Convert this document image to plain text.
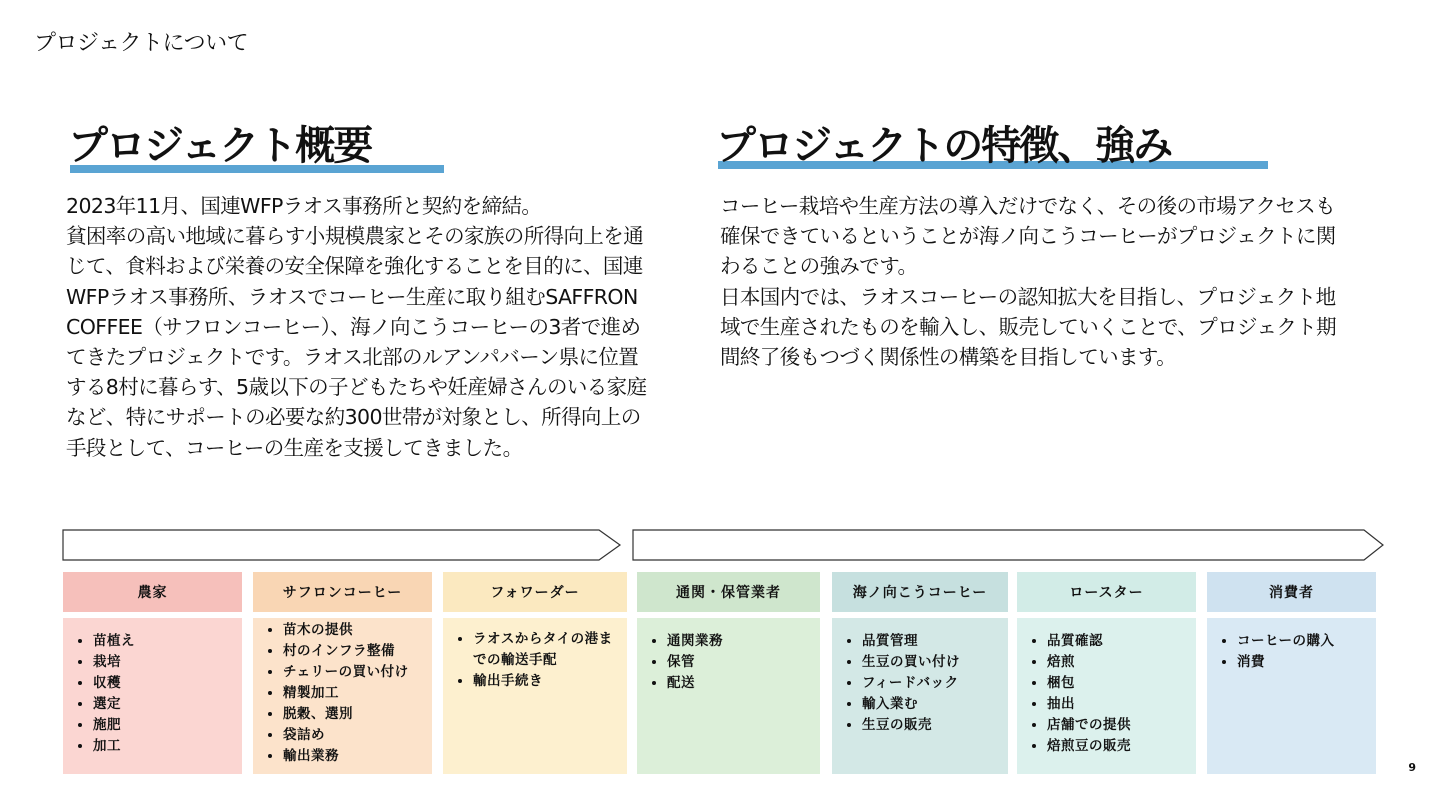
プロジェクトについて
プロジェクト概要

2023年11月、国連WFPラオス事務所と契約を締結。

貧困率の高い地域に暮らす小規模農家とその家族の所得向上を通じて、食料および栄養の安全保障を強化することを目的に、国連WFPラオス事務所、ラオスでコーヒー生産に取り組むSAFFRON COFFEE（サフロンコーヒー）、海ノ向こうコーヒーの3者で進めてきたプロジェクトです。ラオス北部のルアンパバーン県に位置する8村に暮らす、5歳以下の子どもたちや妊産婦さんのいる家庭など、特にサポートの必要な約300世帯が対象とし、所得向上の手段として、コーヒーの生産を支援してきました。

プロジェクトの特徴、強み

コーヒー栽培や生産方法の導入だけでなく、その後の市場アクセスも確保できているということが海ノ向こうコーヒーがプロジェクトに関わることの強みです。

日本国内では、ラオスコーヒーの認知拡大を目指し、プロジェクト地域で生産されたものを輸入し、販売していくことで、プロジェクト期間終了後もつづく関係性の構築を目指しています。

農家
• 苗植え
• 栽培
• 収穫
• 選定
• 施肥
• 加工
サフロンコーヒー
• 苗木の提供
• 村のインフラ整備
• チェリーの買い付け
• 精製加工
• 脱穀、選別
• 袋詰め
• 輸出業務
フォワーダー
• ラオスからタイの港までの輸送手配
• 輸出手続き
通関・保管業者
• 通関業務
• 保管
• 配送
海ノ向こうコーヒー
• 品質管理
• 生豆の買い付け
• フィードバック
• 輸入業む
• 生豆の販売
ロースター
• 品質確認
• 焙煎
• 梱包
• 抽出
• 店舗での提供
• 焙煎豆の販売
消費者
• コーヒーの購入
• 消費
9
